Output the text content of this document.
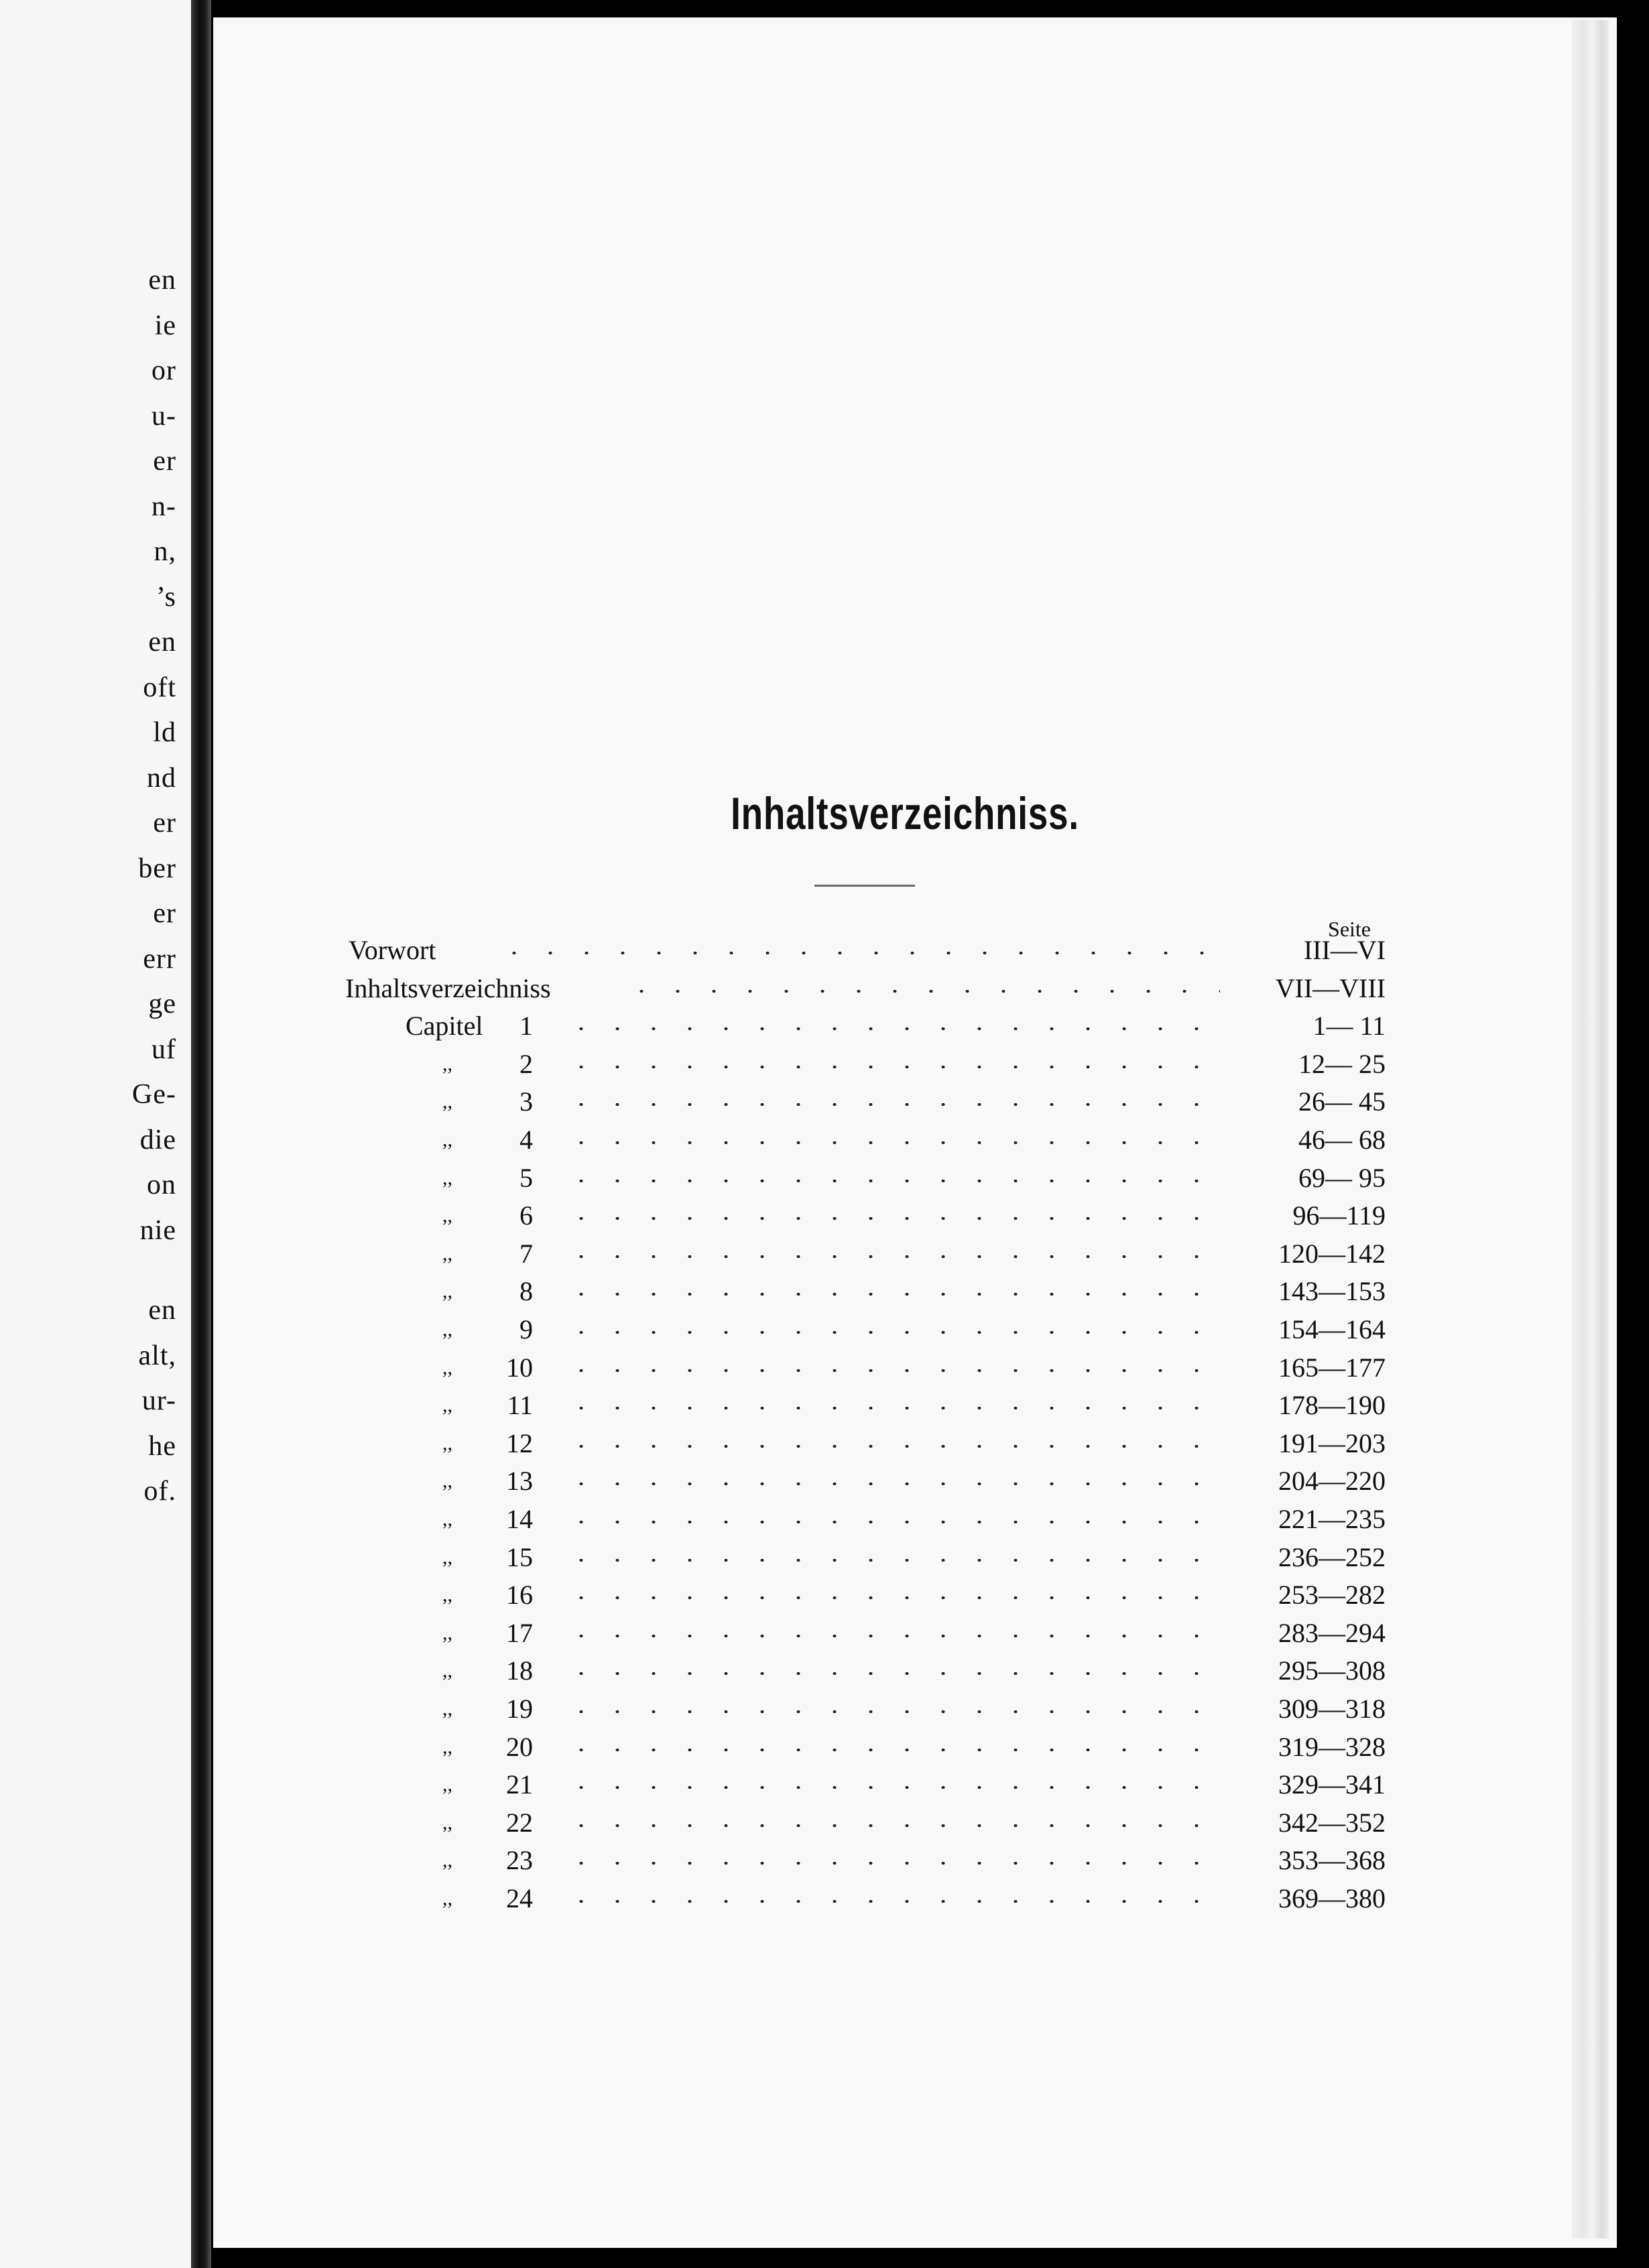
en
ie
or
u-
er
n-
n,
’s
en
oft
ld
nd
er
ber
er
err
ge
uf
Ge-
die
on
nie
en
alt,
ur-
he
of.
Inhaltsverzeichniss.
Seite
Vorwort	III—VI
Inhaltsverzeichniss	VII—VIII
Capitel	1	1— 11
,,	2	12— 25
,,	3	26— 45
,,	4	46— 68
,,	5	69— 95
,,	6	96—119
,,	7	120—142
,,	8	143—153
,,	9	154—164
,,	10	165—177
,,	11	178—190
,,	12	191—203
,,	13	204—220
,,	14	221—235
,,	15	236—252
,,	16	253—282
,,	17	283—294
,,	18	295—308
,,	19	309—318
,,	20	319—328
,,	21	329—341
,,	22	342—352
,,	23	353—368
,,	24	369—380
